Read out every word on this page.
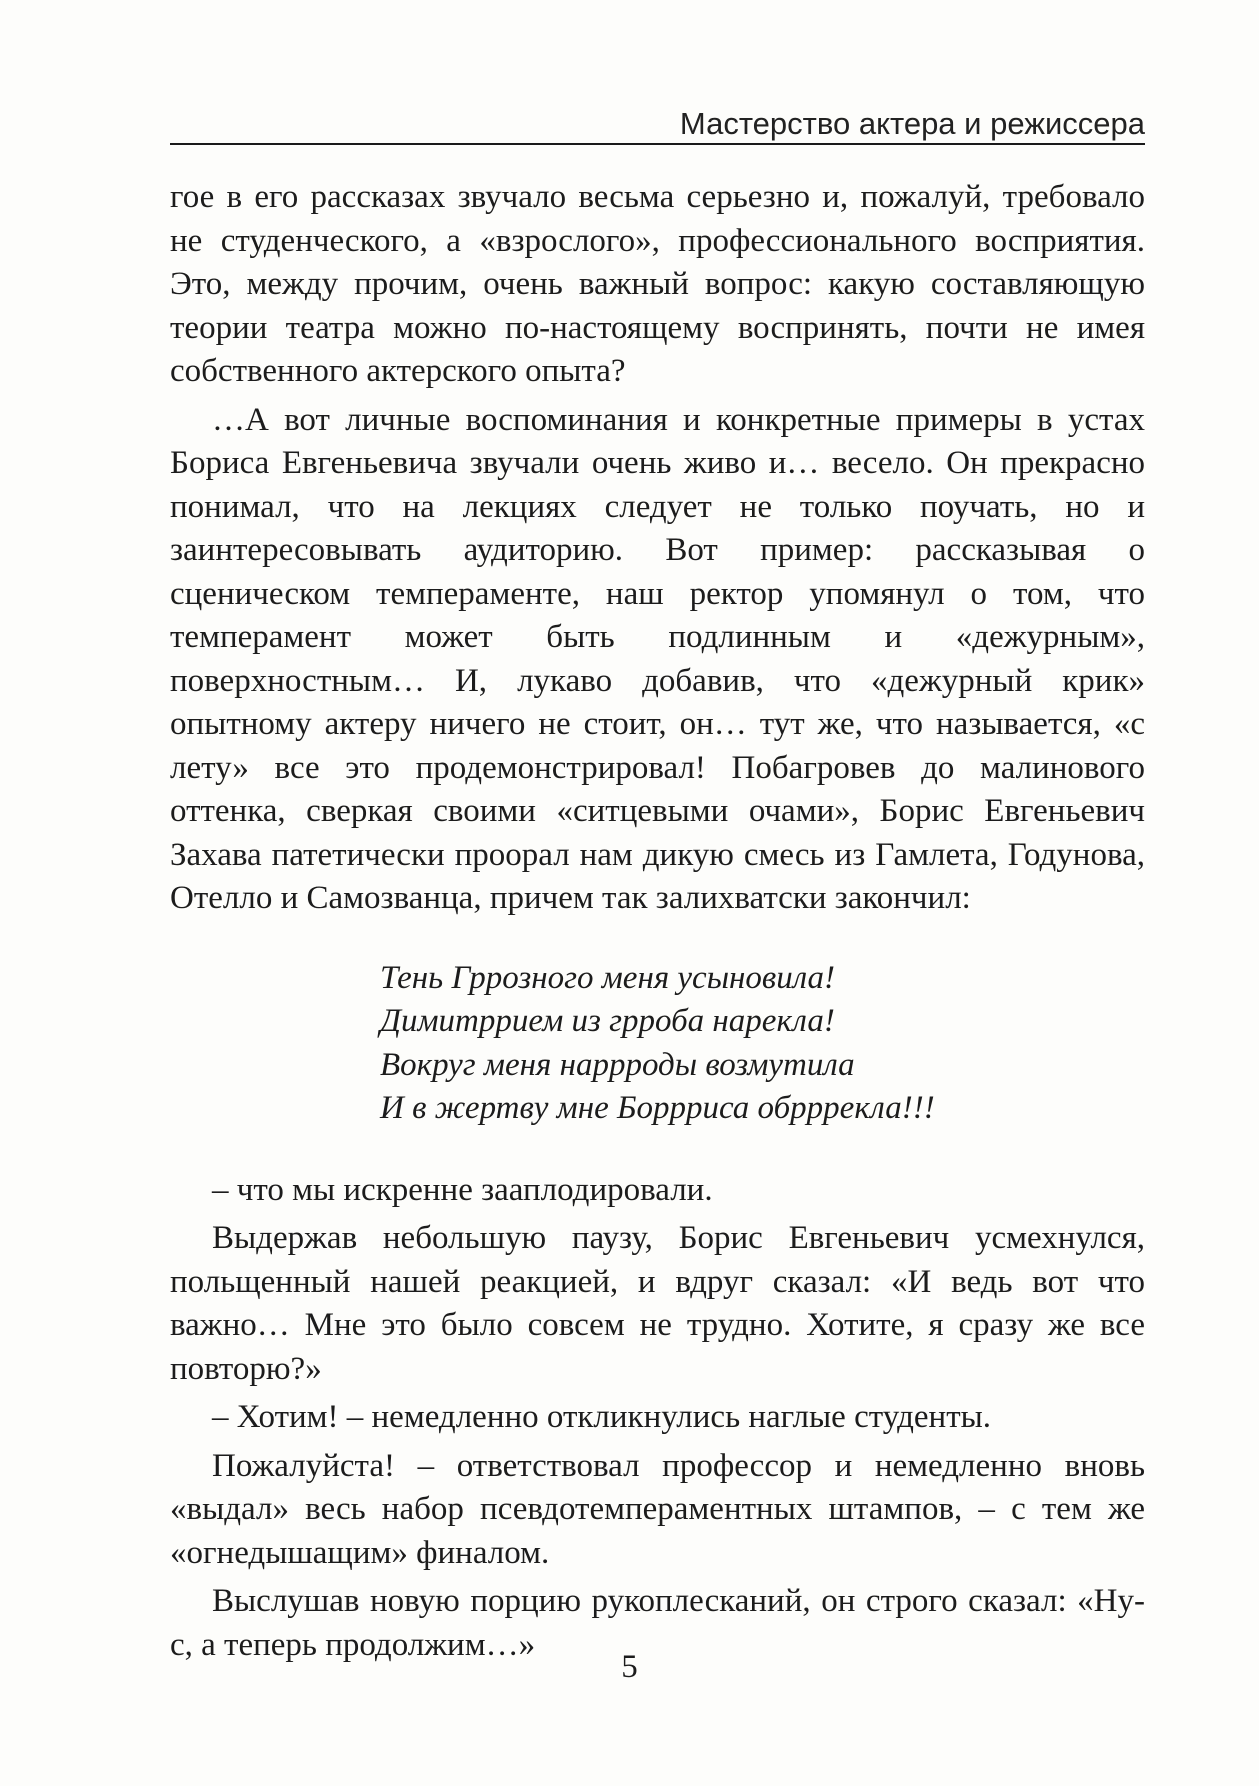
Мастерство актера и режиссера

гое в его рассказах звучало весьма серьезно и, пожалуй, требовало не студенческого, а «взрослого», профессионального восприятия. Это, между прочим, очень важный вопрос: какую составляющую теории театра можно по-настоящему воспринять, почти не имея собственного актерского опыта?

…А вот личные воспоминания и конкретные примеры в устах Бориса Евгеньевича звучали очень живо и… весело. Он прекрасно понимал, что на лекциях следует не только поучать, но и заинтересовывать аудиторию. Вот пример: рассказывая о сценическом темпераменте, наш ректор упомянул о том, что темперамент может быть подлинным и «дежурным», поверхностным… И, лукаво добавив, что «дежурный крик» опытному актеру ничего не стоит, он… тут же, что называется, «с лету» все это продемонстрировал! Побагровев до малинового оттенка, сверкая своими «ситцевыми очами», Борис Евгеньевич Захава патетически проорал нам дикую смесь из Гамлета, Годунова, Отелло и Самозванца, причем так залихватски закончил:

Тень Гррозного меня усыновила!
Димитррием из грроба нарекла!
Вокруг меня наррроды возмутила
И в жертву мне Боррриса обрррекла!!!

– что мы искренне зааплодировали.

Выдержав небольшую паузу, Борис Евгеньевич усмехнулся, польщенный нашей реакцией, и вдруг сказал: «И ведь вот что важно… Мне это было совсем не трудно. Хотите, я сразу же все повторю?»

– Хотим! – немедленно откликнулись наглые студенты.

Пожалуйста! – ответствовал профессор и немедленно вновь «выдал» весь набор псевдотемпераментных штампов, – с тем же «огнедышащим» финалом.

Выслушав новую порцию рукоплесканий, он строго сказал: «Ну-с, а теперь продолжим…»

5
